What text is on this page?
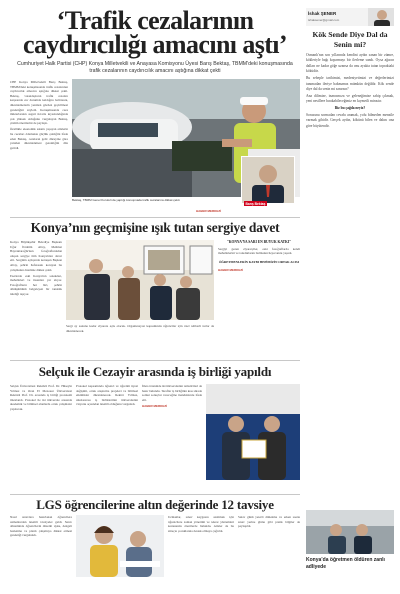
‘Trafik cezalarının
caydırıcılığı amacını aştı’
Cumhuriyet Halk Partisi (CHP) Konya Milletvekili ve Anayasa Komisyonu Üyesi Barış Bektaş, TBMM'deki konuşmasında trafik cezalarının caydırıcılık amacını aştığına dikkat çekti

CHP Konya Milletvekili Barış Bektaş, TBMM'deki konuşmasında trafik cezalarının caydırıcılık amacını aştığına dikkat çekti. Bektaş, vatandaşların trafik cezaları karşısında zor durumda kaldığını belirterek, düzenlemelerin yeniden gözden geçirilmesi gerektiğini söyledi. Konuşmasında ceza miktarlarının asgari ücretle kıyaslandığında çok yüksek olduğunu vurgulayan Bektaş, çözüm önerilerini de paylaştı.

Özellikle ekonomik sıkıntı yaşayan ailelerin bu cezaları ödemekte güçlük çektiğini ifade eden Bektaş, cezaların gelir düzeyine göre yeniden düzenlenmesi gerektiğini dile getirdi.

Barış Bektaş
Bektaş, TBMM Genel Kurulu'nda yaptığı konuşmada trafik cezalarına dikkat çekti.
HABER MERKEZİ
İshak ŞENER
ishaksener@gmail.com
Kök Sende Diye Dal da Senin mi?

Osmanlı'nın son yıllarında kendini aydın sanan bir zümre, kökleriyle bağı koparmayı bir ilerleme sandı. Oysa ağacın dalları ne kadar göğe uzansa da onu ayakta tutan topraktaki köküdür.

Bu sebeple tarihimizi, medeniyetimizi ve değerlerimizi tanımadan ileriye bakmamız mümkün değildir. Kök sende diye dal da senin mi sanırsın?

Ana dilimize, inancımıza ve geleneğimize sahip çıkmak, yeni nesillere bırakabileceğimiz en kıymetli mirastır.

Biz bu çağda neyiz?

Sorusunu sormadan cevabı aramak, yolu bilmeden menzile varmak gibidir. Gerçek aydın, kökünü bilen ve dalını ona göre büyütendir.

Konya’nın geçmişine ışık tutan sergiye davet

Konya Büyükşehir Belediye Başkanı Uğur İbrahim Altay, Mehmet Bayraktaroğlu'nun fotoğraflarından oluşan sergiye tüm Konyalıları davet etti. Serginin açılışında konuşan Başkan Altay, şehrin hafızasını koruyan bu çalışmanın önemine dikkat çekti.

Eserlerde eski Konya'nın sokakları, mahalleleri ve insanları yer alıyor. Fotoğrafların her biri, şehrin dönüşümünü belgeleyen bir tanıklık niteliği taşıyor.

Sergi ay sonuna kadar ziyarete açık olacak. Organizasyon kapsamında öğrenciler için özel rehberli turlar da düzenlenecek.

"KONYA’YA SARİ EN BÜYÜK KATKI"
Sergiyi gezen ziyaretçiler, eski fotoğraflarda kendi mahallelerini ve tanıdıklarını bulmanın heyecanını yaşadı.
ÖĞRETMENLERİN KAYBI HEPİMİZİN ORTAK ACISI
HABER MERKEZİ
Selçuk ile Cezayir arasında iş birliği yapıldı

Selçuk Üniversitesi Rektörü Prof. Dr. Hüseyin Yılmaz ve Oran El Mezouar Üniversitesi Rektörü Prof. Dr. arasında iş birliği protokolü imzalandı. Protokol ile iki üniversite arasında akademik ve bilimsel alanlarda ortak çalışmalar yapılacak.

Protokol kapsamında öğrenci ve öğretim üyesi değişimi, ortak araştırma projeleri ve bilimsel etkinlikler düzenlenecek. Rektör Yılmaz, uluslararası iş birliklerinin üniversitenin vizyonu açısından önemli olduğunu vurguladı.

İmza töreninde iki üniversitenin temsilcileri de hazır bulundu. Taraflar iş birliğinin kısa sürede somut sonuçlar vereceğine inandıklarını ifade etti.

HABER MERKEZİ
LGS öğrencilerine altın değerinde 12 tavsiye

Nasıl sınavlara hazırlanan öğrencilere uzmanlardan önemli tavsiyeler geldi. Sınav döneminde öğrencilerin düzenli uyku, dengeli beslenme ve planlı çalışmaya dikkat etmesi gerektiği vurgulandı.

Uzmanlar, sınav kaygısını azaltmak için öğrencilere zaman yönetimi ve tekrar yöntemleri konusunda önerilerde bulundu. Aileler de bu süreçte çocuklarına destek olmaya çağrıldı.

Sınav günü yeterli dinlenme ve erken saatte sınav yerine gitme gibi pratik bilgiler de paylaşıldı.

Konya’da öğretmen öldüren zanlı adliyede
